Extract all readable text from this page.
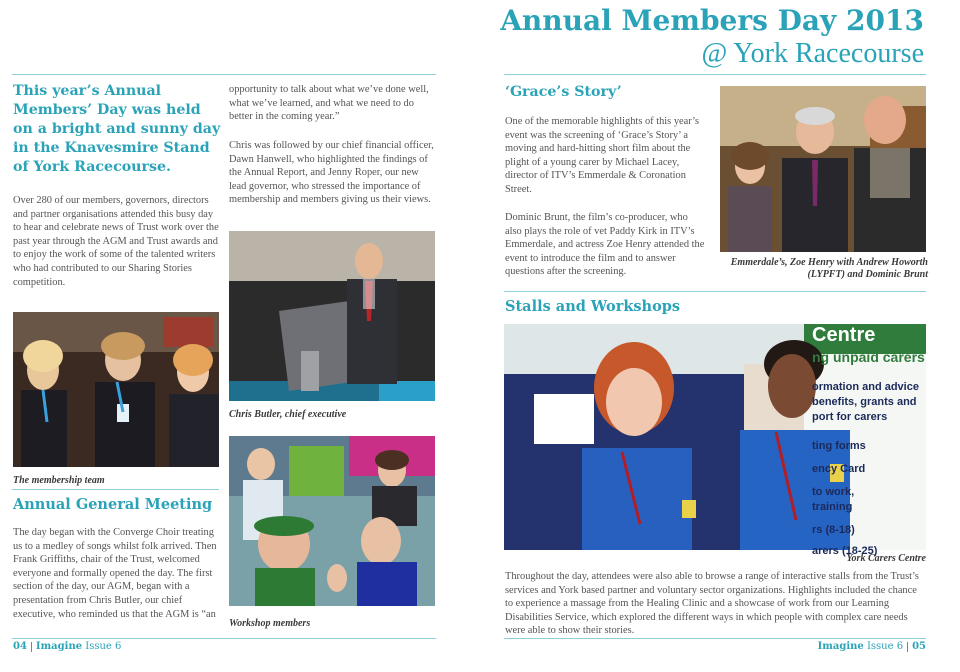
Annual Members Day 2013
@ York Racecourse
This year’s Annual Members’ Day was held on a bright and sunny day in the Knavesmire Stand of York Racecourse.
Over 280 of our members, governors, directors and partner organisations attended this busy day to hear and celebrate news of Trust work over the past year through the AGM and Trust awards and to enjoy the work of some of the talented writers who had contributed to our Sharing Stories competition.
The membership team
Annual General Meeting
The day began with the Converge Choir treating us to a medley of songs whilst folk arrived. Then Frank Griffiths, chair of the Trust, welcomed everyone and formally opened the day. The first section of the day, our AGM, began with a presentation from Chris Butler, our chief executive, who reminded us that the AGM is “an
opportunity to talk about what we’ve done well, what we’ve learned, and what we need to do better in the coming year.”
Chris was followed by our chief financial officer, Dawn Hanwell, who highlighted the findings of the Annual Report, and Jenny Roper, our new lead governor, who stressed the importance of membership and members giving us their views.
Chris Butler, chief executive
Workshop members
04 Imagine Issue 6
‘Grace’s Story’
One of the memorable highlights of this year’s event was the screening of ‘Grace’s Story’ a moving and hard-hitting short film about the plight of a young carer by Michael Lacey, director of ITV’s Emmerdale & Coronation Street.
Dominic Brunt, the film’s co-producer, who also plays the role of vet Paddy Kirk in ITV’s Emmerdale, and actress Zoe Henry attended the event to introduce the film and to answer questions after the screening.
Emmerdale’s, Zoe Henry with Andrew Howorth (LYPFT) and Dominic Brunt
Stalls and Workshops
Centre
ng unpaid carers
ormation and advice
benefits, grants and
port for carers
ting forms
ency Card
to work,
training
rs (8-18)
arers (18-25)
York Carers Centre
Throughout the day, attendees were also able to browse a range of interactive stalls from the Trust’s services and York based partner and voluntary sector organizations. Highlights included the chance to experience a massage from the Healing Clinic and a showcase of work from our Learning Disabilities Service, which explored the different ways in which people with complex care needs were able to show their stories.
Imagine Issue 6 05
